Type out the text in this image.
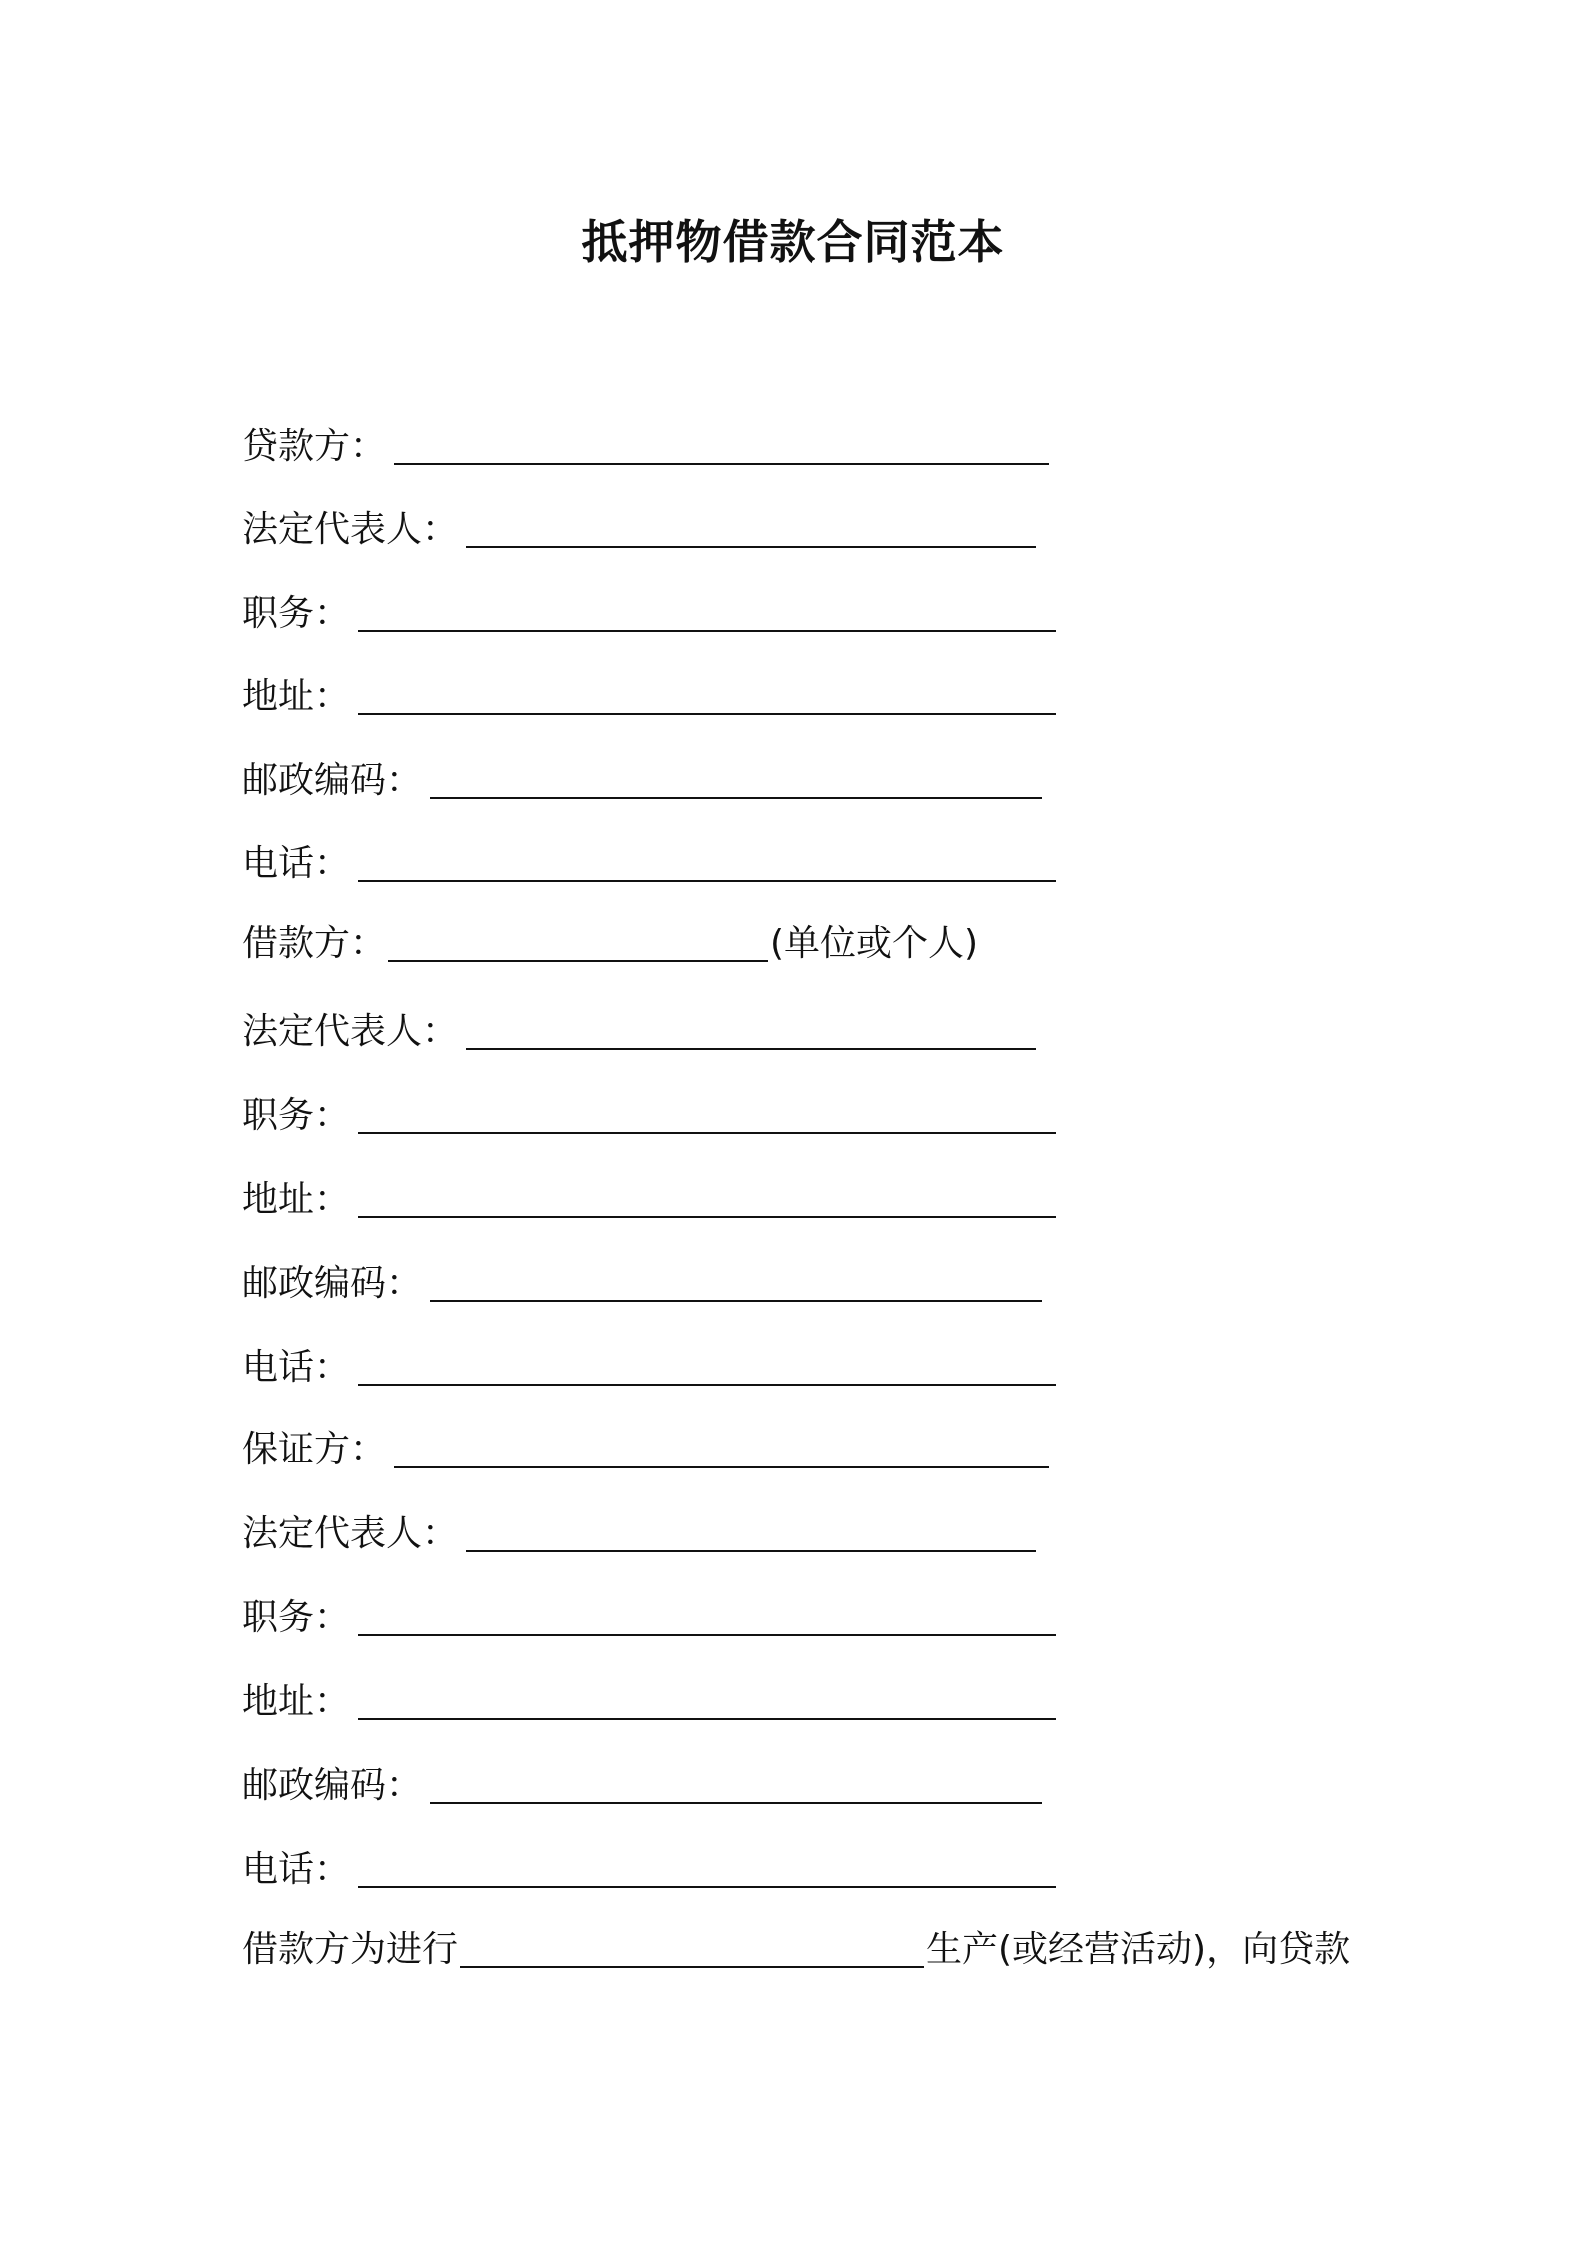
抵押物借款合同范本
贷款方：
法定代表人：
职务：
地址：
邮政编码：
电话：
借款方：	(单位或个人)
法定代表人：
职务：
地址：
邮政编码：
电话：
保证方：
法定代表人：
职务：
地址：
邮政编码：
电话：
借款方为进行	生产(或经营活动)，向贷款
